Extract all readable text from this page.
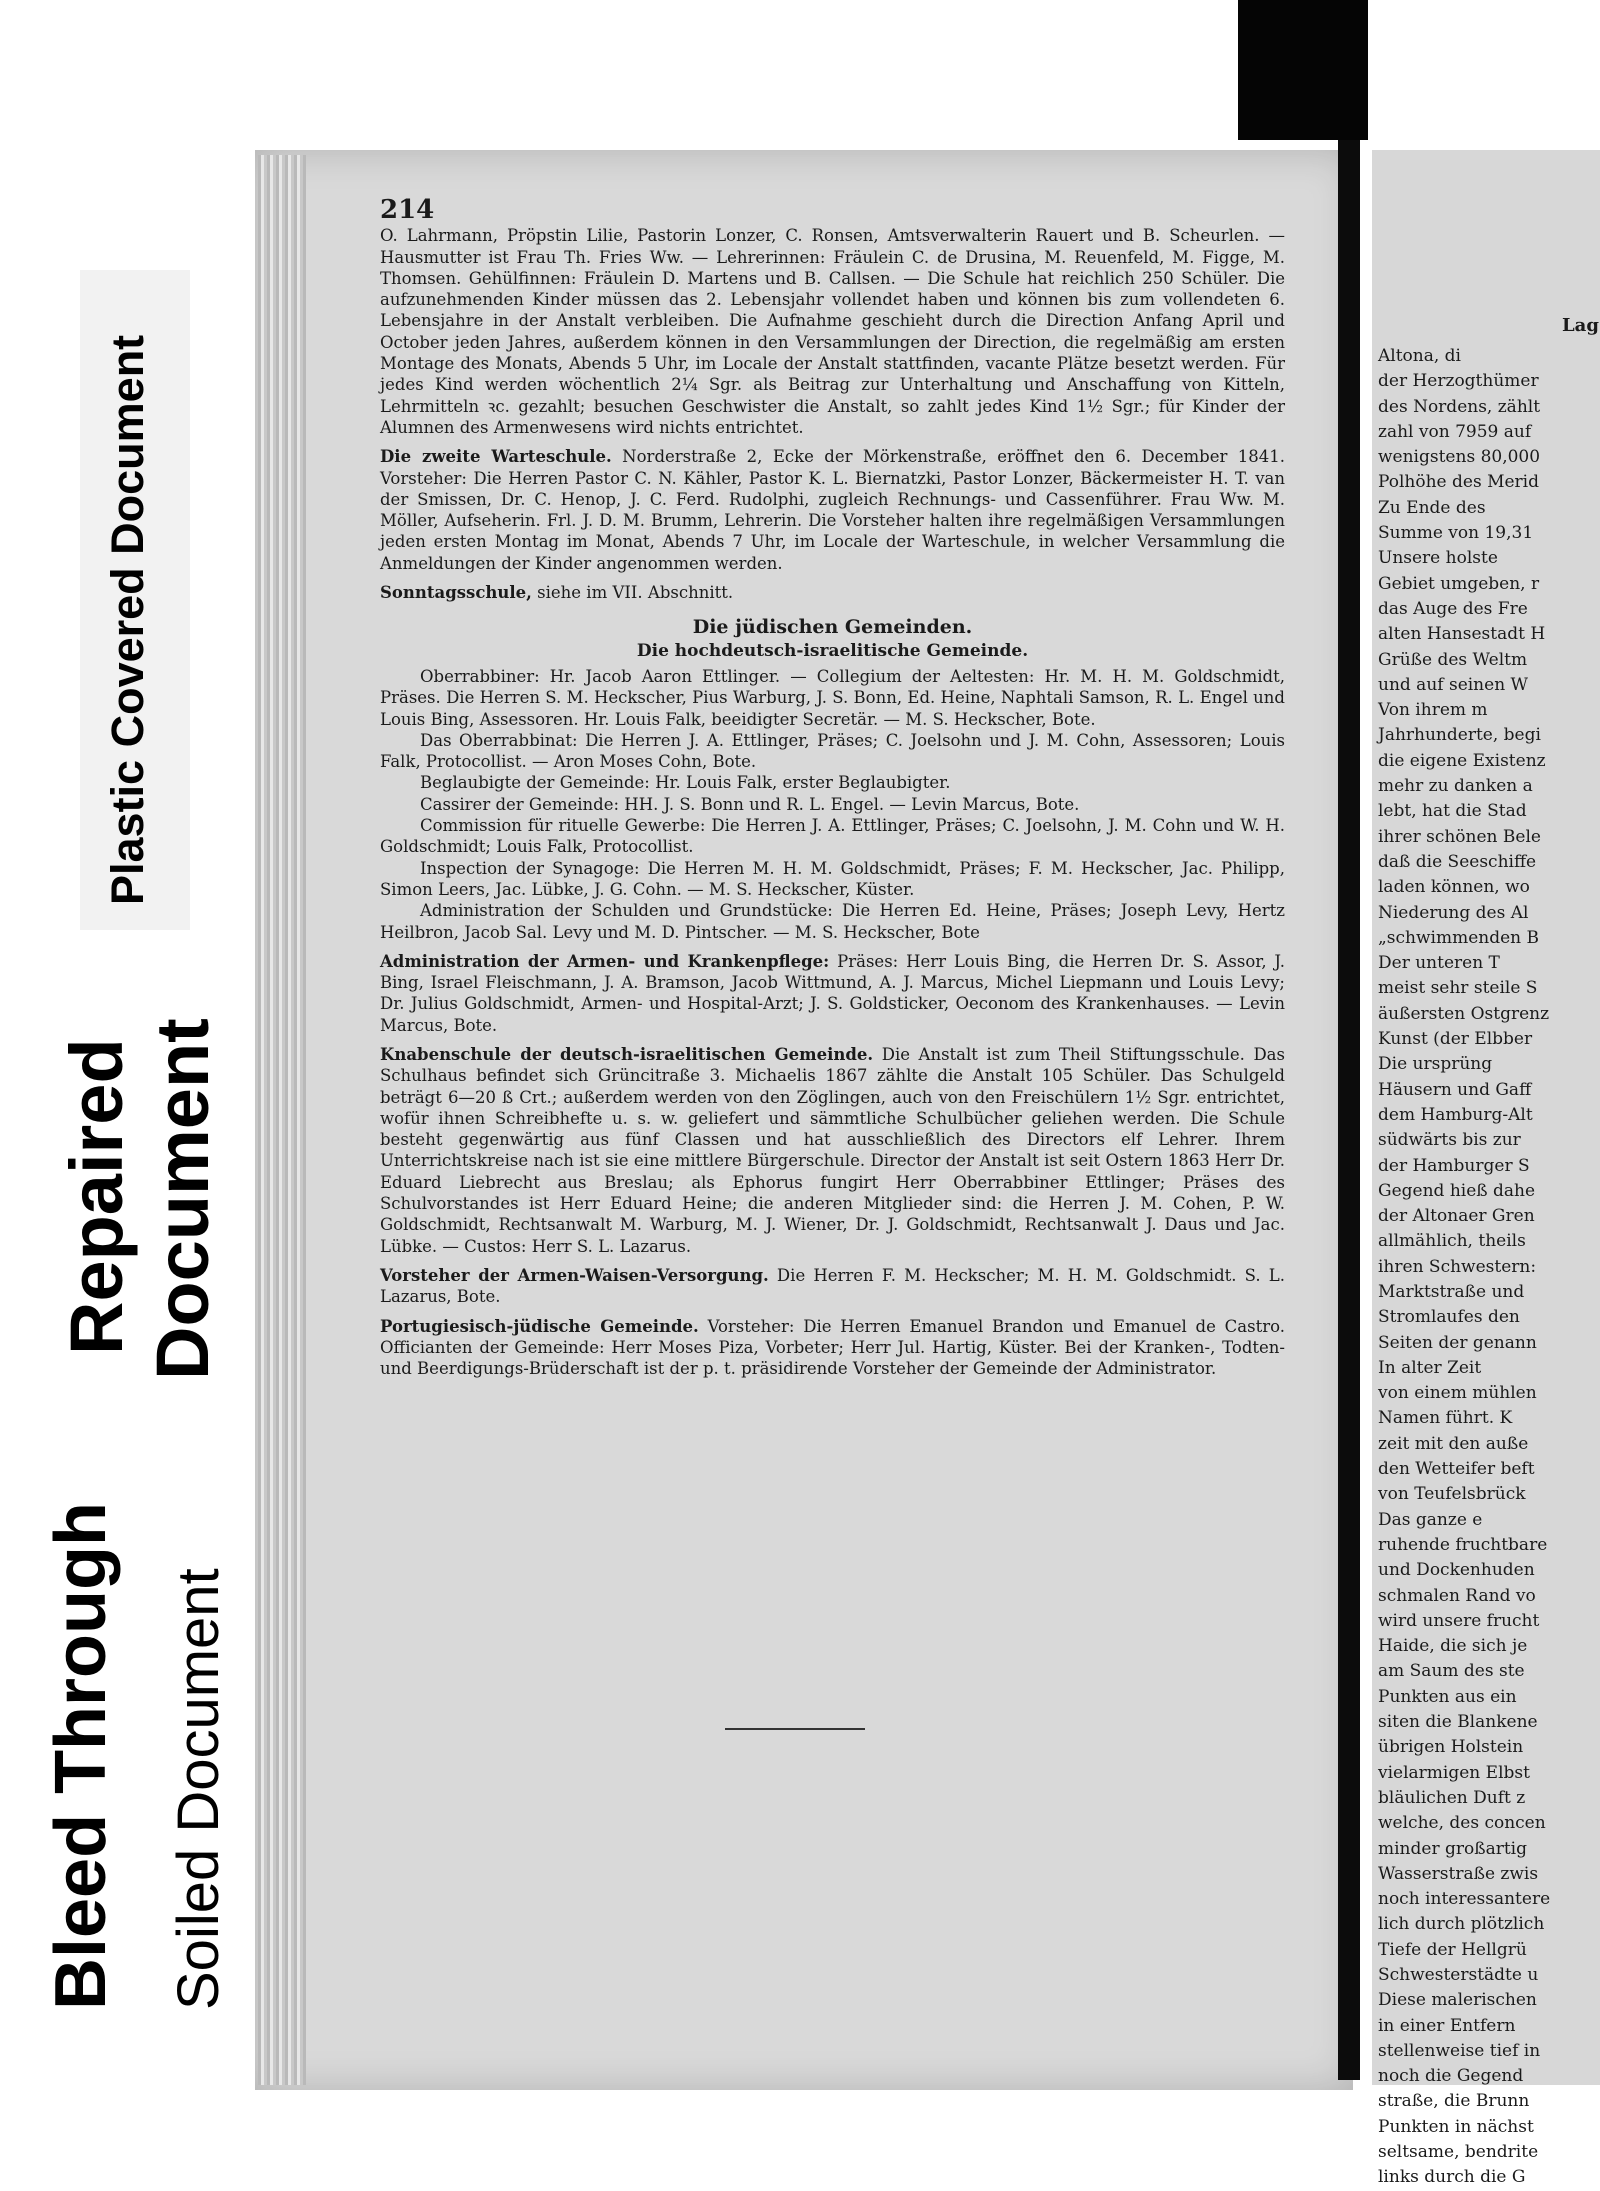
Plastic Covered Document
Repaired Document
Bleed Through Soiled Document
214

O. Lahrmann, Pröpstin Lilie, Pastorin Lonzer, C. Ronsen, Amtsverwalterin Rauert und B. Scheurlen. — Hausmutter ist Frau Th. Fries Ww. — Lehrerinnen: Fräulein C. de Drusina, M. Reuenfeld, M. Figge, M. Thomsen. Gehülfinnen: Fräulein D. Martens und B. Callsen. — Die Schule hat reichlich 250 Schüler. Die aufzunehmenden Kinder müssen das 2. Lebensjahr vollendet haben und können bis zum vollendeten 6. Lebensjahre in der Anstalt verbleiben. Die Aufnahme geschieht durch die Direction Anfang April und October jeden Jahres, außerdem können in den Versammlungen der Direction, die regelmäßig am ersten Montage des Monats, Abends 5 Uhr, im Locale der Anstalt stattfinden, vacante Plätze besetzt werden. Für jedes Kind werden wöchentlich 2¼ Sgr. als Beitrag zur Unterhaltung und Anschaffung von Kitteln, Lehrmitteln ꝛc. gezahlt; besuchen Geschwister die Anstalt, so zahlt jedes Kind 1½ Sgr.; für Kinder der Alumnen des Armenwesens wird nichts entrichtet.

Die zweite Warteschule. Norderstraße 2, Ecke der Mörkenstraße, eröffnet den 6. December 1841. Vorsteher: Die Herren Pastor C. N. Kähler, Pastor K. L. Biernatzki, Pastor Lonzer, Bäckermeister H. T. van der Smissen, Dr. C. Henop, J. C. Ferd. Rudolphi, zugleich Rechnungs- und Cassenführer. Frau Ww. M. Möller, Aufseherin. Frl. J. D. M. Brumm, Lehrerin. Die Vorsteher halten ihre regelmäßigen Versammlungen jeden ersten Montag im Monat, Abends 7 Uhr, im Locale der Warteschule, in welcher Versammlung die Anmeldungen der Kinder angenommen werden.

Sonntagsschule, siehe im VII. Abschnitt.

Die jüdischen Gemeinden.
Die hochdeutsch-israelitische Gemeinde.

Oberrabbiner: Hr. Jacob Aaron Ettlinger. — Collegium der Aeltesten: Hr. M. H. M. Goldschmidt, Präses. Die Herren S. M. Heckscher, Pius Warburg, J. S. Bonn, Ed. Heine, Naphtali Samson, R. L. Engel und Louis Bing, Assessoren. Hr. Louis Falk, beeidigter Secretär. — M. S. Heckscher, Bote.

Das Oberrabbinat: Die Herren J. A. Ettlinger, Präses; C. Joelsohn und J. M. Cohn, Assessoren; Louis Falk, Protocollist. — Aron Moses Cohn, Bote.

Beglaubigte der Gemeinde: Hr. Louis Falk, erster Beglaubigter.

Cassirer der Gemeinde: HH. J. S. Bonn und R. L. Engel. — Levin Marcus, Bote.

Commission für rituelle Gewerbe: Die Herren J. A. Ettlinger, Präses; C. Joelsohn, J. M. Cohn und W. H. Goldschmidt; Louis Falk, Protocollist.

Inspection der Synagoge: Die Herren M. H. M. Goldschmidt, Präses; F. M. Heckscher, Jac. Philipp, Simon Leers, Jac. Lübke, J. G. Cohn. — M. S. Heckscher, Küster.

Administration der Schulden und Grundstücke: Die Herren Ed. Heine, Präses; Joseph Levy, Hertz Heilbron, Jacob Sal. Levy und M. D. Pintscher. — M. S. Heckscher, Bote

Administration der Armen- und Krankenpflege: Präses: Herr Louis Bing, die Herren Dr. S. Assor, J. Bing, Israel Fleischmann, J. A. Bramson, Jacob Wittmund, A. J. Marcus, Michel Liepmann und Louis Levy; Dr. Julius Goldschmidt, Armen- und Hospital-Arzt; J. S. Goldsticker, Oeconom des Krankenhauses. — Levin Marcus, Bote.

Knabenschule der deutsch-israelitischen Gemeinde. Die Anstalt ist zum Theil Stiftungsschule. Das Schulhaus befindet sich Grüncitraße 3. Michaelis 1867 zählte die Anstalt 105 Schüler. Das Schulgeld beträgt 6—20 ß Crt.; außerdem werden von den Zöglingen, auch von den Freischülern 1½ Sgr. entrichtet, wofür ihnen Schreibhefte u. s. w. geliefert und sämmtliche Schulbücher geliehen werden. Die Schule besteht gegenwärtig aus fünf Classen und hat ausschließlich des Directors elf Lehrer. Ihrem Unterrichtskreise nach ist sie eine mittlere Bürgerschule. Director der Anstalt ist seit Ostern 1863 Herr Dr. Eduard Liebrecht aus Breslau; als Ephorus fungirt Herr Oberrabbiner Ettlinger; Präses des Schulvorstandes ist Herr Eduard Heine; die anderen Mitglieder sind: die Herren J. M. Cohen, P. W. Goldschmidt, Rechtsanwalt M. Warburg, M. J. Wiener, Dr. J. Goldschmidt, Rechtsanwalt J. Daus und Jac. Lübke. — Custos: Herr S. L. Lazarus.

Vorsteher der Armen-Waisen-Versorgung. Die Herren F. M. Heckscher; M. H. M. Goldschmidt. S. L. Lazarus, Bote.

Portugiesisch-jüdische Gemeinde. Vorsteher: Die Herren Emanuel Brandon und Emanuel de Castro. Officianten der Gemeinde: Herr Moses Piza, Vorbeter; Herr Jul. Hartig, Küster. Bei der Kranken-, Todten- und Beerdigungs-Brüderschaft ist der p. t. präsidirende Vorsteher der Gemeinde der Administrator.

Lag
Altona, di
der Herzogthümer
des Nordens, zählt
zahl von 7959 auf
wenigstens 80,000
Polhöhe des Merid
Zu Ende des
Summe von 19,31
Unsere holste
Gebiet umgeben, r
das Auge des Fre
alten Hansestadt H
Grüße des Weltm
und auf seinen W
Von ihrem m
Jahrhunderte, begi
die eigene Existenz
mehr zu danken a
lebt, hat die Stad
ihrer schönen Bele
daß die Seeschiffe
laden können, wo
Niederung des Al
„schwimmenden B
Der unteren T
meist sehr steile S
äußersten Ostgrenz
Kunst (der Elbber
Die ursprüng
Häusern und Gaff
dem Hamburg-Alt
südwärts bis zur
der Hamburger S
Gegend hieß dahe
der Altonaer Gren
allmählich, theils
ihren Schwestern:
Marktstraße und
Stromlaufes den
Seiten der genann
In alter Zeit
von einem mühlen
Namen führt. K
zeit mit den auße
den Wetteifer beft
von Teufelsbrück
Das ganze e
ruhende fruchtbare
und Dockenhuden
schmalen Rand vo
wird unsere frucht
Haide, die sich je
am Saum des ste
Punkten aus ein
siten die Blankene
übrigen Holstein
vielarmigen Elbst
bläulichen Duft z
welche, des concen
minder großartig
Wasserstraße zwis
noch interessantere
lich durch plötzlich
Tiefe der Hellgrü
Schwesterstädte u
Diese malerischen
in einer Entfern
stellenweise tief in
noch die Gegend
straße, die Brunn
Punkten in nächst
seltsame, bendrite
links durch die G
